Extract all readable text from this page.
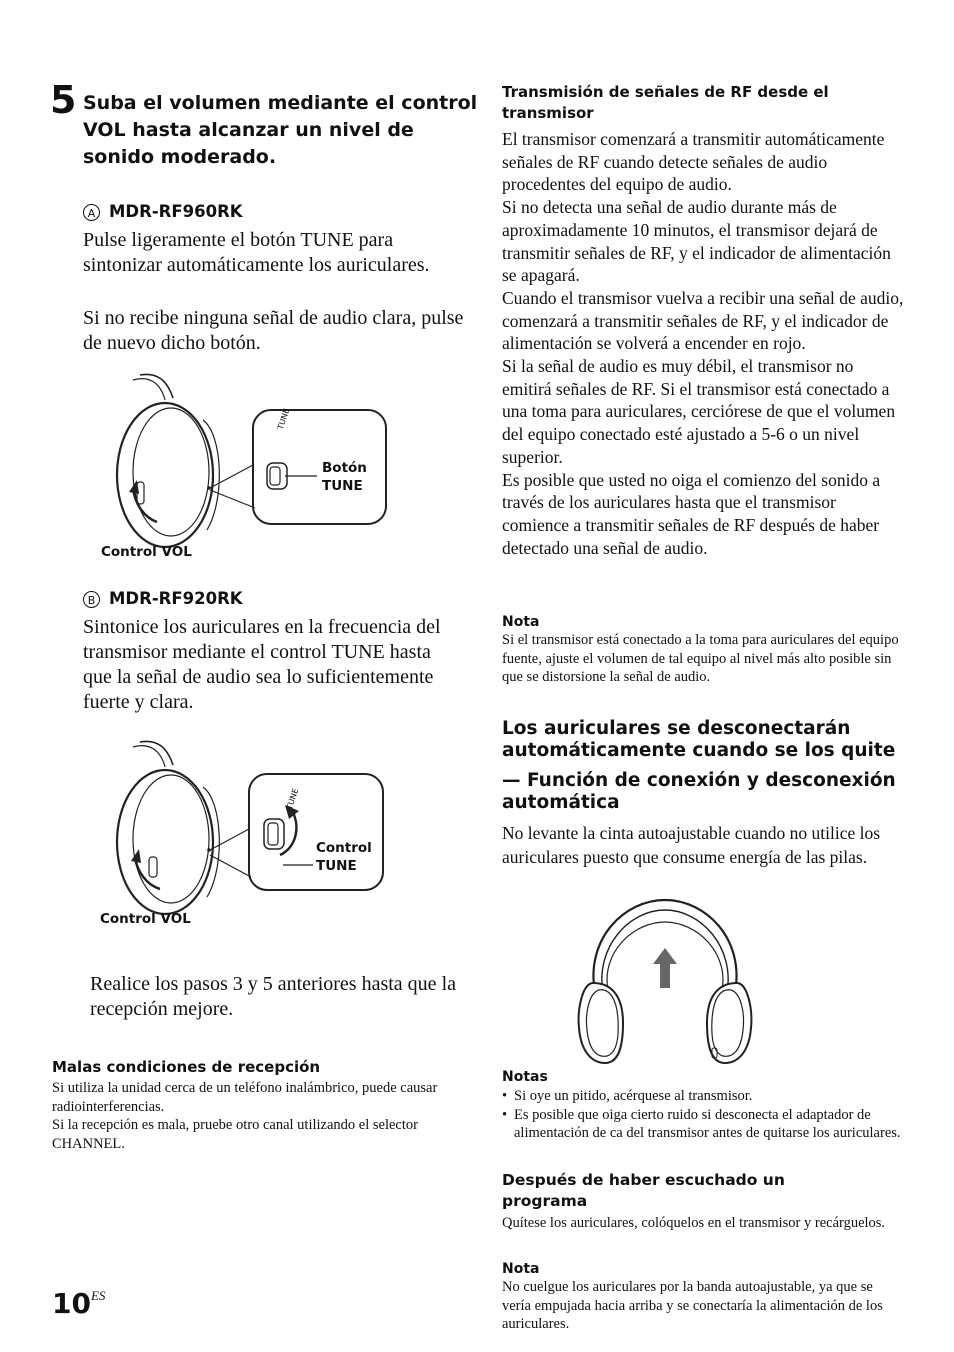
5 Suba el volumen mediante el control VOL hasta alcanzar un nivel de sonido moderado.
A MDR-RF960RK
Pulse ligeramente el botón TUNE para sintonizar automáticamente los auriculares.
Si no recibe ninguna señal de audio clara, pulse de nuevo dicho botón.
TUNE
Botón
TUNE
Control VOL
B MDR-RF920RK
Sintonice los auriculares en la frecuencia del transmisor mediante el control TUNE hasta que la señal de audio sea lo suficientemente fuerte y clara.
TUNE
Control
TUNE
Control VOL
Realice los pasos 3 y 5 anteriores hasta que la recepción mejore.
Malas condiciones de recepción

Si utiliza la unidad cerca de un teléfono inalámbrico, puede causar radiointerferencias.

Si la recepción es mala, pruebe otro canal utilizando el selector CHANNEL.

$10^{ES}$
Transmisión de señales de RF desde el transmisor

El transmisor comenzará a transmitir automáticamente señales de RF cuando detecte señales de audio procedentes del equipo de audio.

Si no detecta una señal de audio durante más de aproximadamente 10 minutos, el transmisor dejará de transmitir señales de RF, y el indicador de alimentación se apagará.

Cuando el transmisor vuelva a recibir una señal de audio, comenzará a transmitir señales de RF, y el indicador de alimentación se volverá a encender en rojo.

Si la señal de audio es muy débil, el transmisor no emitirá señales de RF. Si el transmisor está conectado a una toma para auriculares, cerciórese de que el volumen del equipo conectado esté ajustado a 5-6 o un nivel superior.

Es posible que usted no oiga el comienzo del sonido a través de los auriculares hasta que el transmisor comience a transmitir señales de RF después de haber detectado una señal de audio.

Nota
Si el transmisor está conectado a la toma para auriculares del equipo fuente, ajuste el volumen de tal equipo al nivel más alto posible sin que se distorsione la señal de audio.
Los auriculares se desconectarán automáticamente cuando se los quite
— Función de conexión y desconexión automática
No levante la cinta autoajustable cuando no utilice los auriculares puesto que consume energía de las pilas.
Notas
• Si oye un pitido, acérquese al transmisor.
• Es posible que oiga cierto ruido si desconecta el adaptador de alimentación de ca del transmisor antes de quitarse los auriculares.
Después de haber escuchado un programa
Quítese los auriculares, colóquelos en el transmisor y recárguelos.
Nota
No cuelgue los auriculares por la banda autoajustable, ya que se vería empujada hacia arriba y se conectaría la alimentación de los auriculares.
